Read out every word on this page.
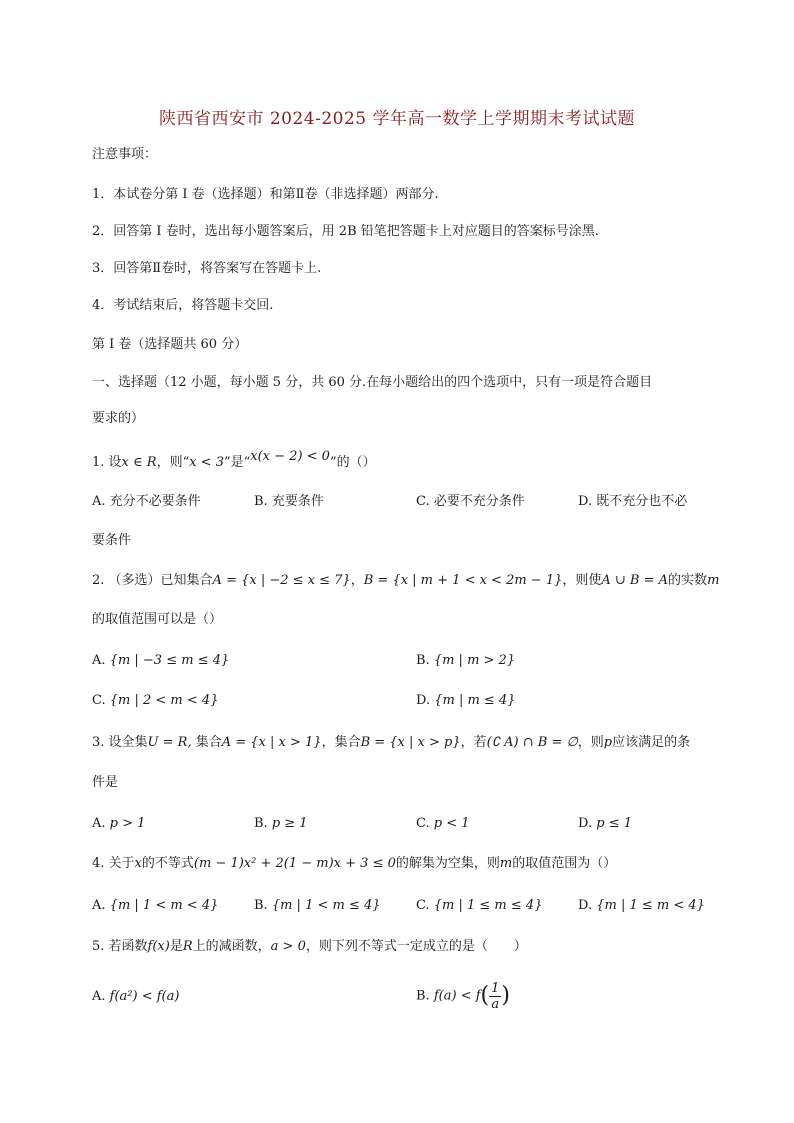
陕西省西安市 2024-2025 学年高一数学上学期期末考试试题
注意事项：
1．本试卷分第 I 卷（选择题）和第Ⅱ卷（非选择题）两部分.
2．回答第 I 卷时，选出每小题答案后，用 2B 铅笔把答题卡上对应题目的答案标号涂黑.
3．回答第Ⅱ卷时，将答案写在答题卡上.
4．考试结束后，将答题卡交回.
第 I 卷（选择题共 60 分）
一、选择题（12 小题，每小题 5 分，共 60 分.在每小题给出的四个选项中，只有一项是符合题目
要求的）
1. 设x ∈ R，则“x < 3”是“x(x − 2) < 0”的（）
A. 充分不必要条件	B. 充要条件	C. 必要不充分条件	D. 既不充分也不必
要条件
2. （多选）已知集合A = {x | −2 ≤ x ≤ 7}，B = {x | m + 1 < x < 2m − 1}，则使A ∪ B = A的实数m
的取值范围可以是（）
A. {m | −3 ≤ m ≤ 4}	B. {m | m > 2}
C. {m | 2 < m < 4}	D. {m | m ≤ 4}
3. 设全集U = R, 集合A = {x | x > 1}，集合B = {x | x > p}，若(∁ A) ∩ B = ∅，则p应该满足的条
件是
A. p > 1	B. p ≥ 1	C. p < 1	D. p ≤ 1
4. 关于x的不等式(m − 1)x² + 2(1 − m)x + 3 ≤ 0的解集为空集，则m的取值范围为（）
A. {m | 1 < m < 4}	B. {m | 1 < m ≤ 4}	C. {m | 1 ≤ m ≤ 4}	D. {m | 1 ≤ m < 4}
5. 若函数f(x)是R上的减函数，a > 0，则下列不等式一定成立的是（　　）
A. f(a²) < f(a)	B. $f(a) < f( \frac{1}{a}$ )
